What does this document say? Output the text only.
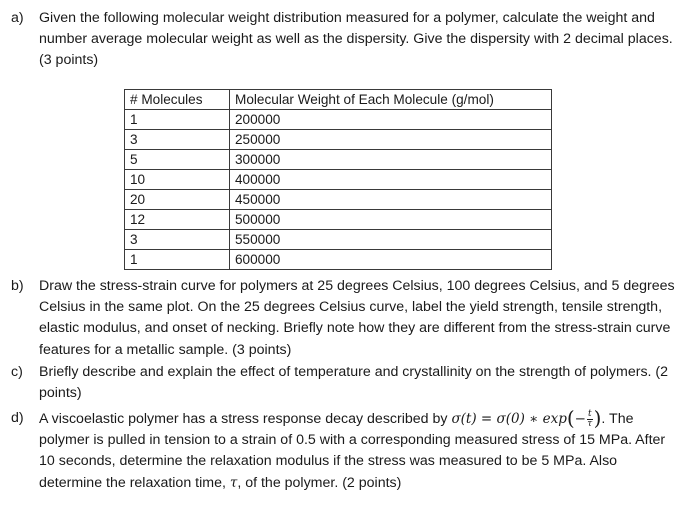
a) Given the following molecular weight distribution measured for a polymer, calculate the weight and number average molecular weight as well as the dispersity. Give the dispersity with 2 decimal places. (3 points)
# Molecules	Molecular Weight of Each Molecule (g/mol)
1	200000
3	250000
5	300000
10	400000
20	450000
12	500000
3	550000
1	600000
b) Draw the stress-strain curve for polymers at 25 degrees Celsius, 100 degrees Celsius, and 5 degrees Celsius in the same plot. On the 25 degrees Celsius curve, label the yield strength, tensile strength, elastic modulus, and onset of necking. Briefly note how they are different from the stress-strain curve features for a metallic sample. (3 points)
c) Briefly describe and explain the effect of temperature and crystallinity on the strength of polymers. (2 points)
d) A viscoelastic polymer has a stress response decay described by σ(t) = σ(0) ∗ $\exp(- \frac{t}{\tau}$ ). The polymer is pulled in tension to a strain of 0.5 with a corresponding measured stress of 15 MPa. After 10 seconds, determine the relaxation modulus if the stress was measured to be 5 MPa. Also determine the relaxation time, τ, of the polymer. (2 points)
